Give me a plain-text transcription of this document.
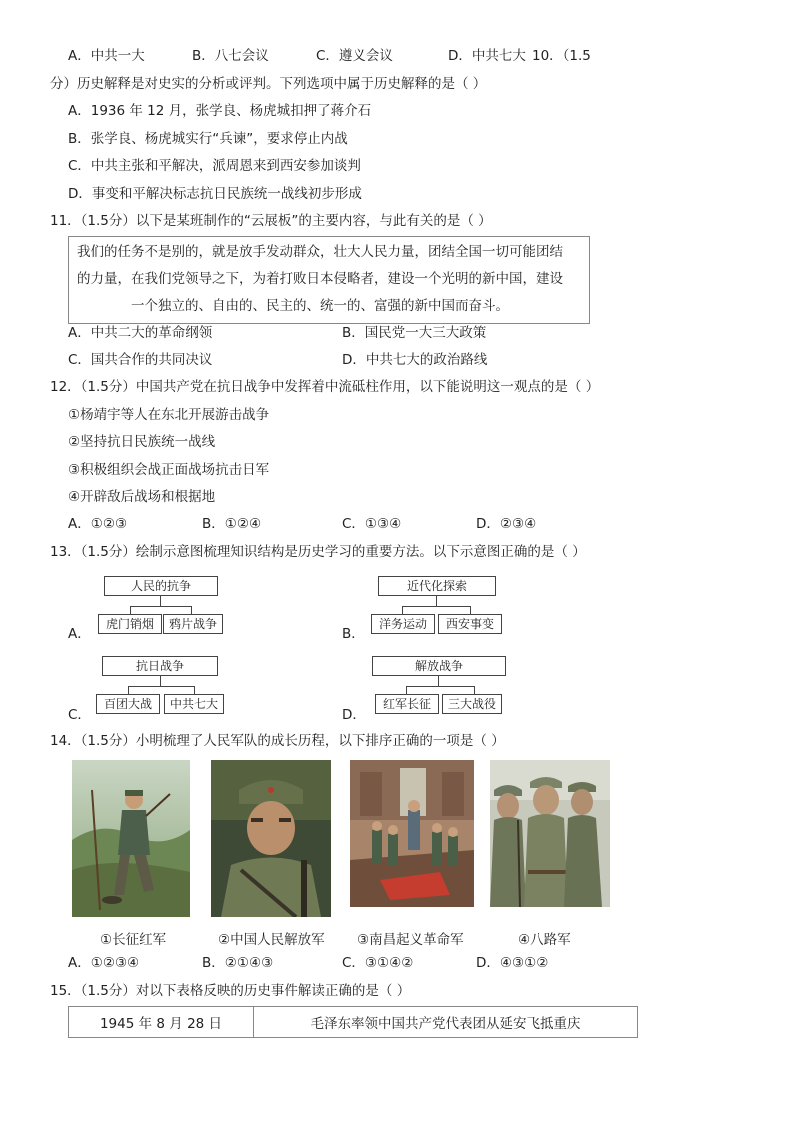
A．中共一大	B．八七会议	C．遵义会议	D．中共七大 10．（1.5
分）历史解释是对史实的分析或评判。下列选项中属于历史解释的是（ ）
A．1936 年 12 月，张学良、杨虎城扣押了蒋介石
B．张学良、杨虎城实行“兵谏”，要求停止内战
C．中共主张和平解决，派周恩来到西安参加谈判
D．事变和平解决标志抗日民族统一战线初步形成
11．（1.5分）以下是某班制作的“云展板”的主要内容，与此有关的是（ ）
我们的任务不是别的，就是放手发动群众，壮大人民力量，团结全国一切可能团结
的力量，在我们党领导之下，为着打败日本侵略者，建设一个光明的新中国，建设
一个独立的、自由的、民主的、统一的、富强的新中国而奋斗。
A．中共二大的革命纲领	B．国民党一大三大政策
C．国共合作的共同决议	D．中共七大的政治路线
12．（1.5分）中国共产党在抗日战争中发挥着中流砥柱作用，以下能说明这一观点的是（ ）
①杨靖宇等人在东北开展游击战争
②坚持抗日民族统一战线
③积极组织会战正面战场抗击日军
④开辟敌后战场和根据地
A．①②③	B．①②④	C．①③④	D．②③④
13．（1.5分）绘制示意图梳理知识结构是历史学习的重要方法。以下示意图正确的是（ ）
人民的抗争
虎门销烟	鸦片战争
A．
近代化探索
洋务运动	西安事变
B．
抗日战争
百团大战	中共七大
C．
解放战争
红军长征	三大战役
D．
14．（1.5分）小明梳理了人民军队的成长历程，以下排序正确的一项是（ ）
①长征红军	②中国人民解放军 ③南昌起义革命军	④八路军
A．①②③④	B．②①④③	C．③①④②	D．④③①②
15．（1.5分）对以下表格反映的历史事件解读正确的是（ ）
1945 年 8 月 28 日	毛泽东率领中国共产党代表团从延安飞抵重庆
